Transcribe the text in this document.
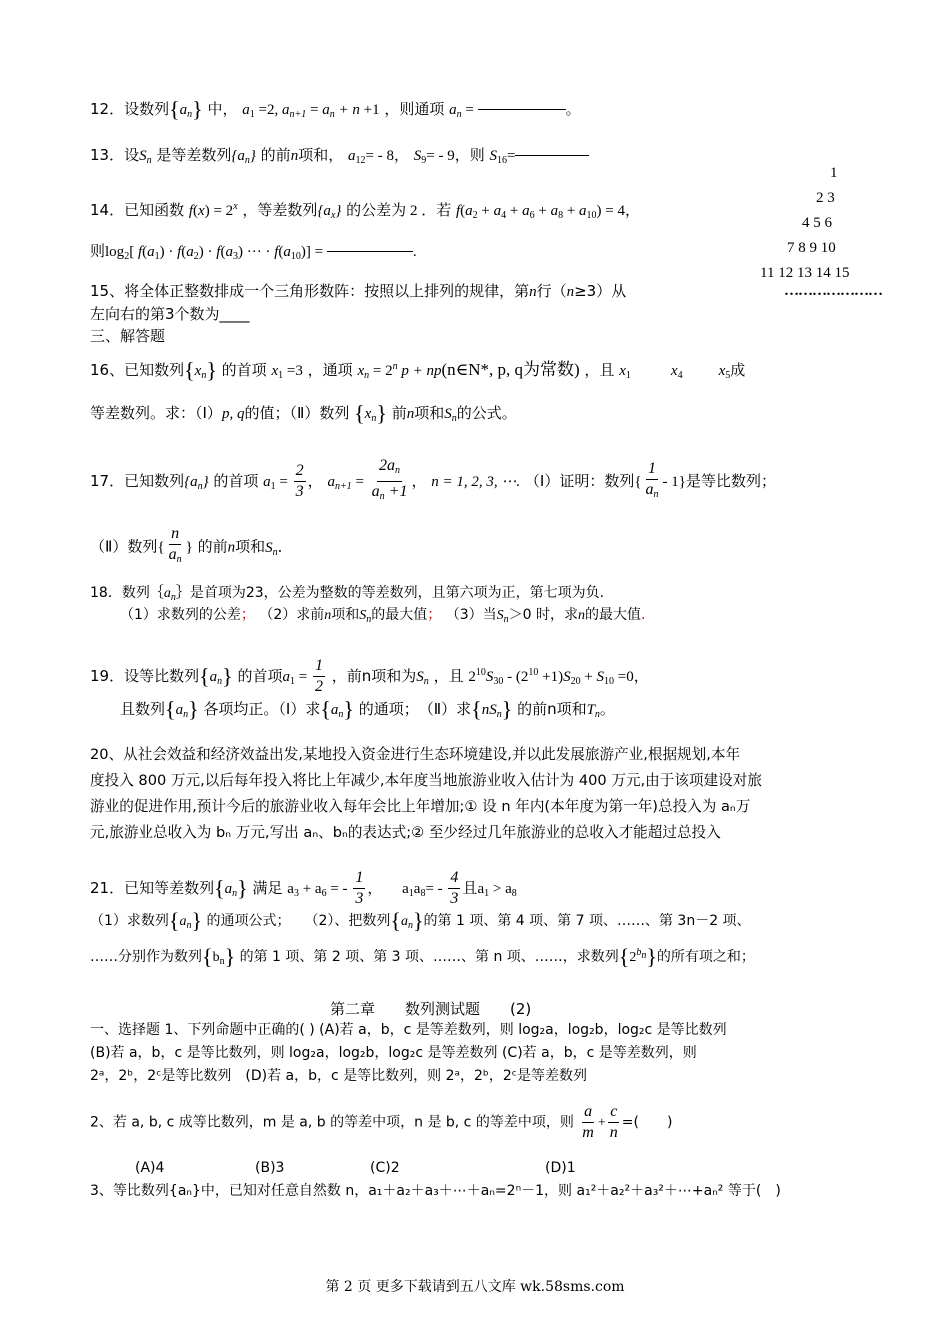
12．设数列$\{a_n\}$ 中， $a_1 =2$, $a_{n+1} = a_n + n +1$ ，则通项 $a_n$ =	。
13．设$S_n$ 是等差数列$\{a_n\}$ 的前n项和， $a_{12}= - 8$， $S_9= - 9$，则 $S_{16}=$
14．已知函数 $f(x) = 2^x$ ，等差数列$\{a_x\}$ 的公差为 2 ．若 $f(a_2 + a_4 + a_6 + a_8 + a_{10}) = 4$，
则$\log_2$[ $f(a_1) \cdot f(a_2) \cdot f(a_3)$ ··· · $f(a_{10})$] =	.
15、将全体正整数排成一个三角形数阵：按照以上排列的规律，第n行（n≥3）从
左向右的第3个数为____
1
2 3
4 5 6
7 8 9 10
11 12 13 14 15
…………………
三、解答题
16、已知数列$\{x_n\}$ 的首项 $x_1 =3$ ，通项 $x_n = 2^n$ p + np(n∈N*, p, q为常数) ，且 $x_1$	$x_4$ $x_5$成
等差数列。求：（Ⅰ）p, q的值；（Ⅱ）数列 $\{x_n\}$ 前n项和$S_n$的公式。
17．已知数列$\{a_n\}$ 的首项 $a_1 = \frac{2}{3}$ ， $a_{n+1} = \frac{2a_n}{a_n +1}$ ， n = 1, 2, 3, ⋯. （Ⅰ）证明：数列{ $\frac{1}{a_n} - 1$}是等比数列；
（Ⅱ）数列{ $\frac{n}{a_n}$ } 的前n项和$S_n$．
18．数列$\{a_n\}$是首项为23，公差为整数的等差数列，且第六项为正，第七项为负.
（1）求数列的公差； （2）求前n项和$S_n$的最大值； （3）当$S_n>0$ 时，求n的最大值.
19．设等比数列$\{a_n\}$ 的首项$a_1 = \frac{1}{2}$ ，前n项和为$S_n$ ，且 $2^{10}S_{30} - (2^{10} +1)S_{20} + S_{10} =0$，
且数列$\{a_n\}$ 各项均正。（Ⅰ）求$\{a_n\}$ 的通项；　（Ⅱ）求$\{nS_n\}$ 的前n项和$T_n$。
20、从社会效益和经济效益出发,某地投入资金进行生态环境建设,并以此发展旅游产业,根据规划,本年
度投入 800 万元,以后每年投入将比上年减少,本年度当地旅游业收入估计为 400 万元,由于该项建设对旅
游业的促进作用,预计今后的旅游业收入每年会比上年增加;① 设 n 年内(本年度为第一年)总投入为 aₙ万
元,旅游业总收入为 bₙ 万元,写出 aₙ、bₙ的表达式;② 至少经过几年旅游业的总收入才能超过总投入
21．已知等差数列$\{a_n\}$ 满足 $a_3 + a_6$ = - $\frac{1}{3}$ ， 　$a_1a_8= - \frac{4}{3}$ 且$a_1 > a_8$
（1）求数列$\{a_n\}$ 的通项公式；　　（2）、把数列$\{a_n\}$的第 1 项、第 4 项、第 7 项、……、第 3n－2 项、
……分别作为数列$\{b_n\}$ 的第 1 项、第 2 项、第 3 项、……、第 n 项、……，求数列$\{2^{b_n}\}$的所有项之和；
第二章　　数列测试题　　(2)
一、选择题 1、下列命题中正确的( ) (A)若 a，b，c 是等差数列，则 log₂a，log₂b，log₂c 是等比数列
(B)若 a，b，c 是等比数列，则 log₂a，log₂b，log₂c 是等差数列 (C)若 a，b，c 是等差数列，则
2ᵃ，2ᵇ，2ᶜ是等比数列　(D)若 a，b，c 是等比数列，则 2ᵃ，2ᵇ，2ᶜ是等差数列
2、若 a, b, c 成等比数列，m 是 a, b 的等差中项，n 是 b, c 的等差中项，则 $\frac{a}{m} + \frac{c}{n}$ =(　　)
(A)4	(B)3	(C)2	(D)1
3、等比数列{aₙ}中，已知对任意自然数 n，a₁＋a₂＋a₃＋⋯＋aₙ=2ⁿ－1，则 a₁²＋a₂²＋a₃²＋⋯+aₙ² 等于(　)
第 2 页 更多下载请到五八文库 wk.58sms.com
